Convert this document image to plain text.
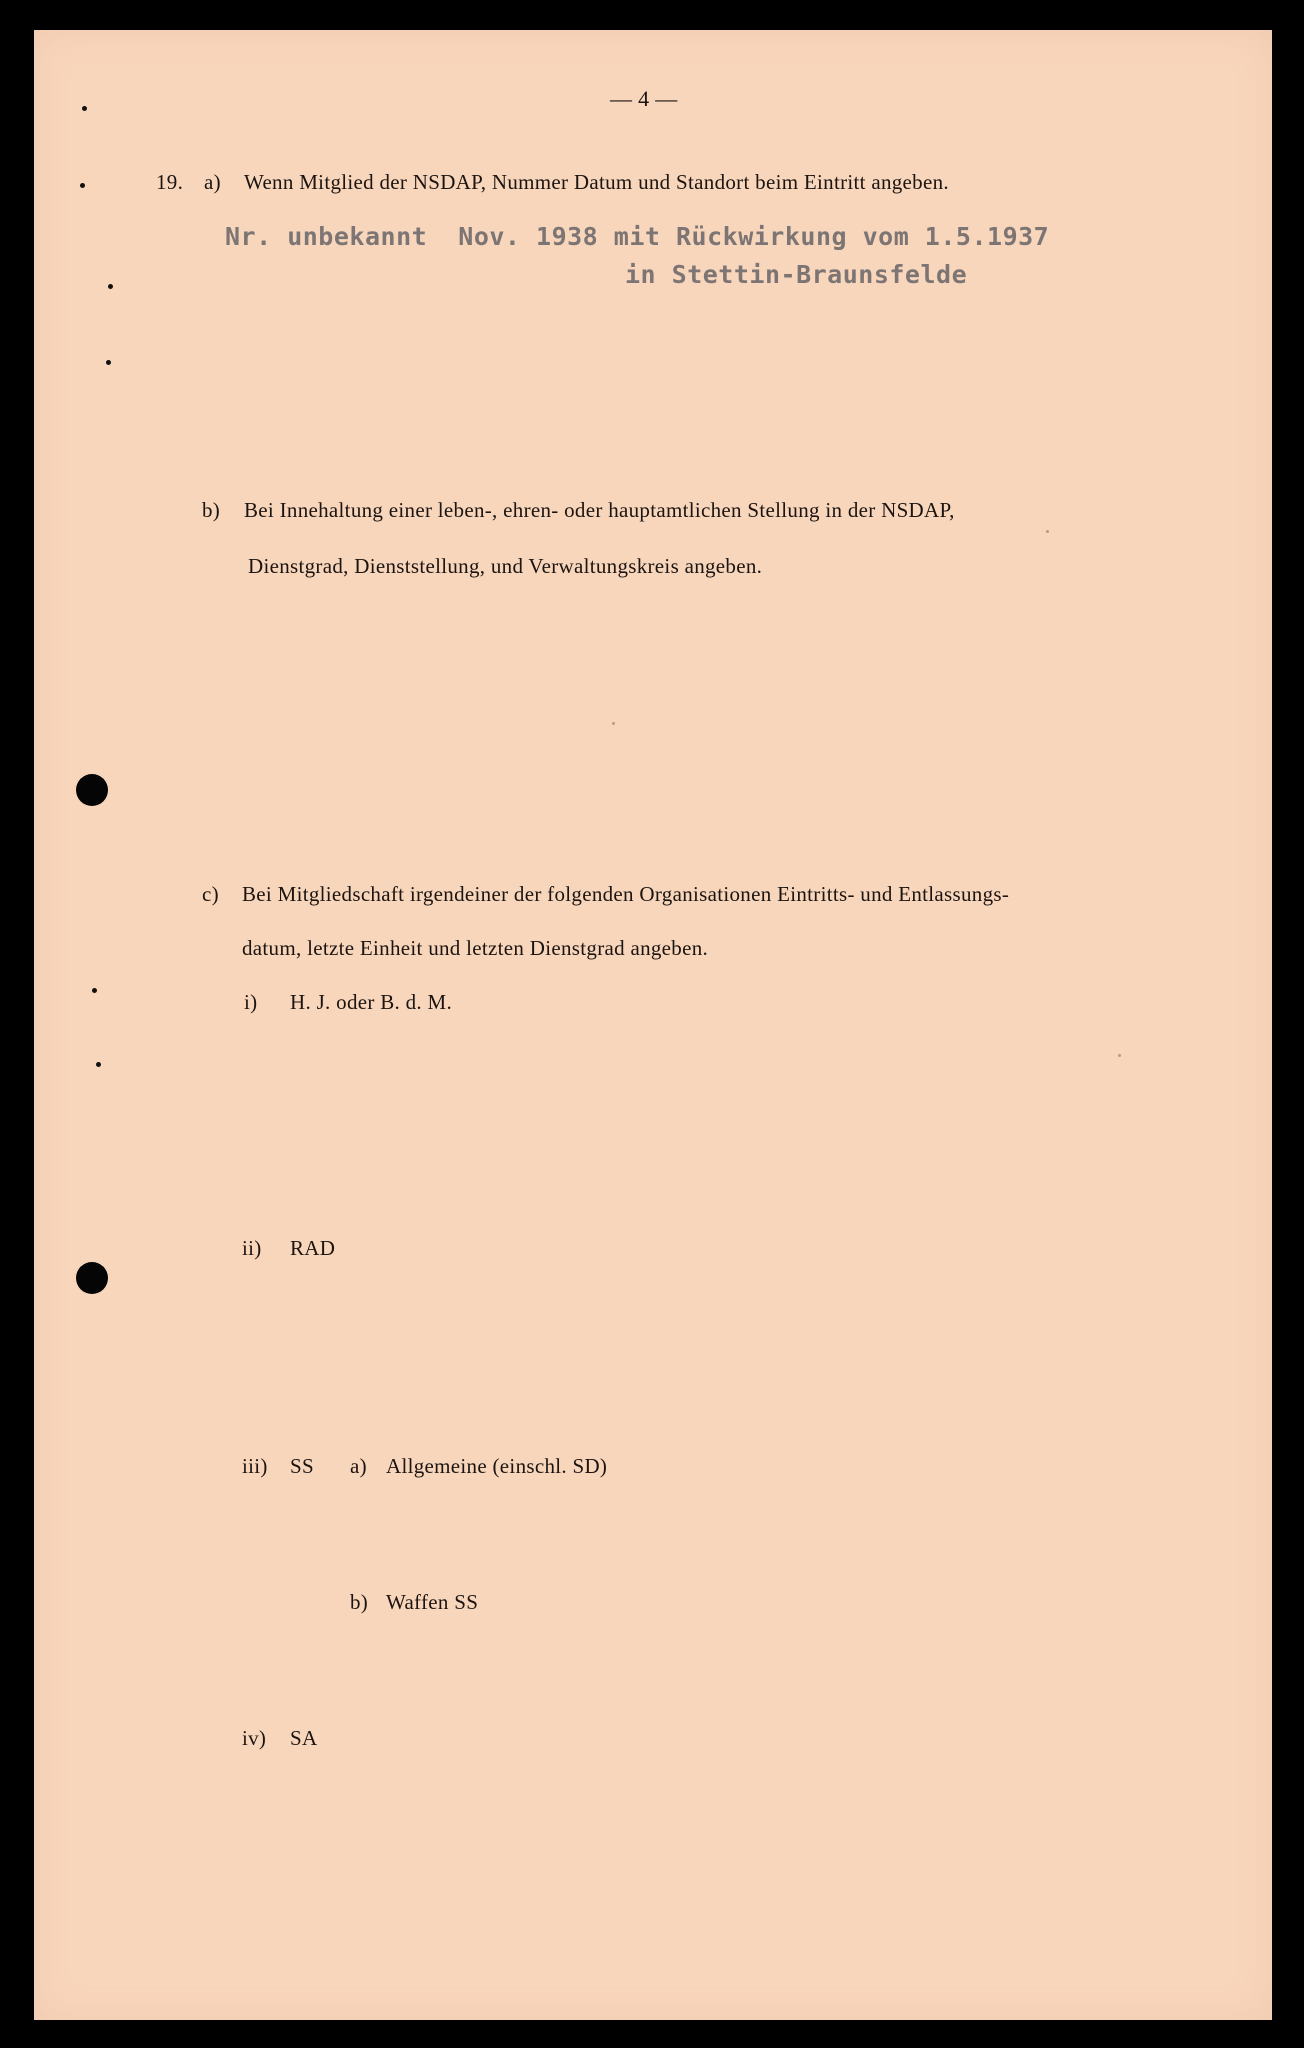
— 4 —
19. a) Wenn Mitglied der NSDAP, Nummer Datum und Standort beim Eintritt angeben.
Nr. unbekannt  Nov. 1938 mit Rückwirkung vom 1.5.1937
in Stettin-Braunsfelde
b) Bei Innehaltung einer leben-, ehren- oder hauptamtlichen Stellung in der NSDAP,
Dienstgrad, Dienststellung, und Verwaltungskreis angeben.
c) Bei Mitgliedschaft irgendeiner der folgenden Organisationen Eintritts- und Entlassungs-
datum, letzte Einheit und letzten Dienstgrad angeben.
i) H. J. oder B. d. M.
ii) RAD
iii) SS a) Allgemeine (einschl. SD)
b) Waffen SS
iv) SA
